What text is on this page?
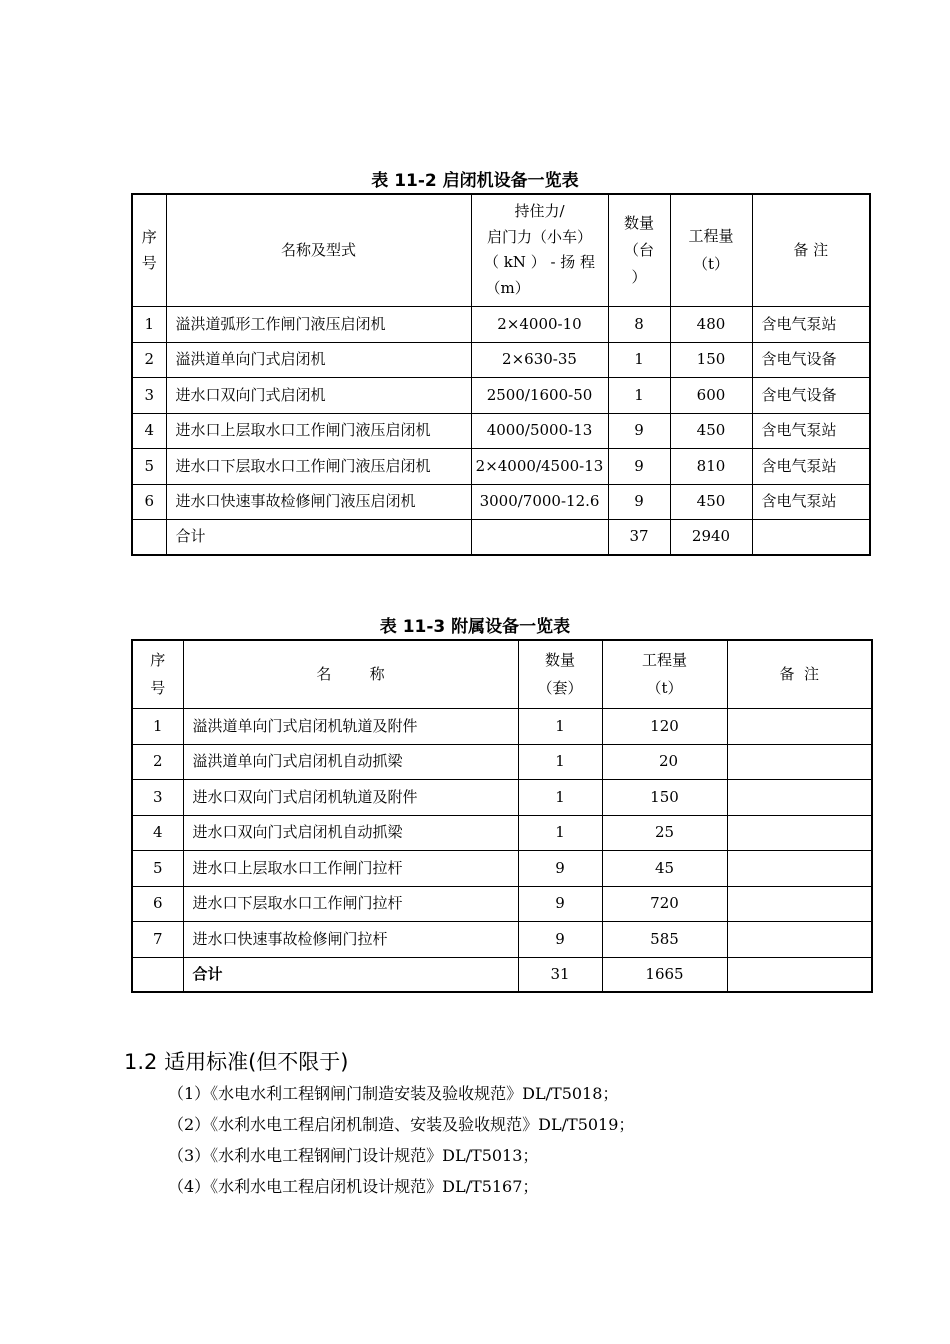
表 11-2 启闭机设备一览表
序
号	名称及型式	持住力/
启门力（小车）
（ kN ） - 扬 程
（m）	数量
（台
）	工程量
（t）	备 注
1	溢洪道弧形工作闸门液压启闭机	2×4000-10	8	480	含电气泵站
2	溢洪道单向门式启闭机	2×630-35	1	150	含电气设备
3	进水口双向门式启闭机	2500/1600-50	1	600	含电气设备
4	进水口上层取水口工作闸门液压启闭机	4000/5000-13	9	450	含电气泵站
5	进水口下层取水口工作闸门液压启闭机	2×4000/4500-13	9	810	含电气泵站
6	进水口快速事故检修闸门液压启闭机	3000/7000-12.6	9	450	含电气泵站
	合计		37	2940	
表 11-3 附属设备一览表
序
号	名        称	数量
（套）	工程量
（t）	备  注
1	溢洪道单向门式启闭机轨道及附件	1	120	
2	溢洪道单向门式启闭机自动抓梁	1	20	
3	进水口双向门式启闭机轨道及附件	1	150	
4	进水口双向门式启闭机自动抓梁	1	25	
5	进水口上层取水口工作闸门拉杆	9	45	
6	进水口下层取水口工作闸门拉杆	9	720	
7	进水口快速事故检修闸门拉杆	9	585	
	合计	31	1665	
1.2 适用标准(但不限于)
（1）《水电水利工程钢闸门制造安装及验收规范》DL/T5018；
（2）《水利水电工程启闭机制造、安装及验收规范》DL/T5019；
（3）《水利水电工程钢闸门设计规范》DL/T5013；
（4）《水利水电工程启闭机设计规范》DL/T5167；
